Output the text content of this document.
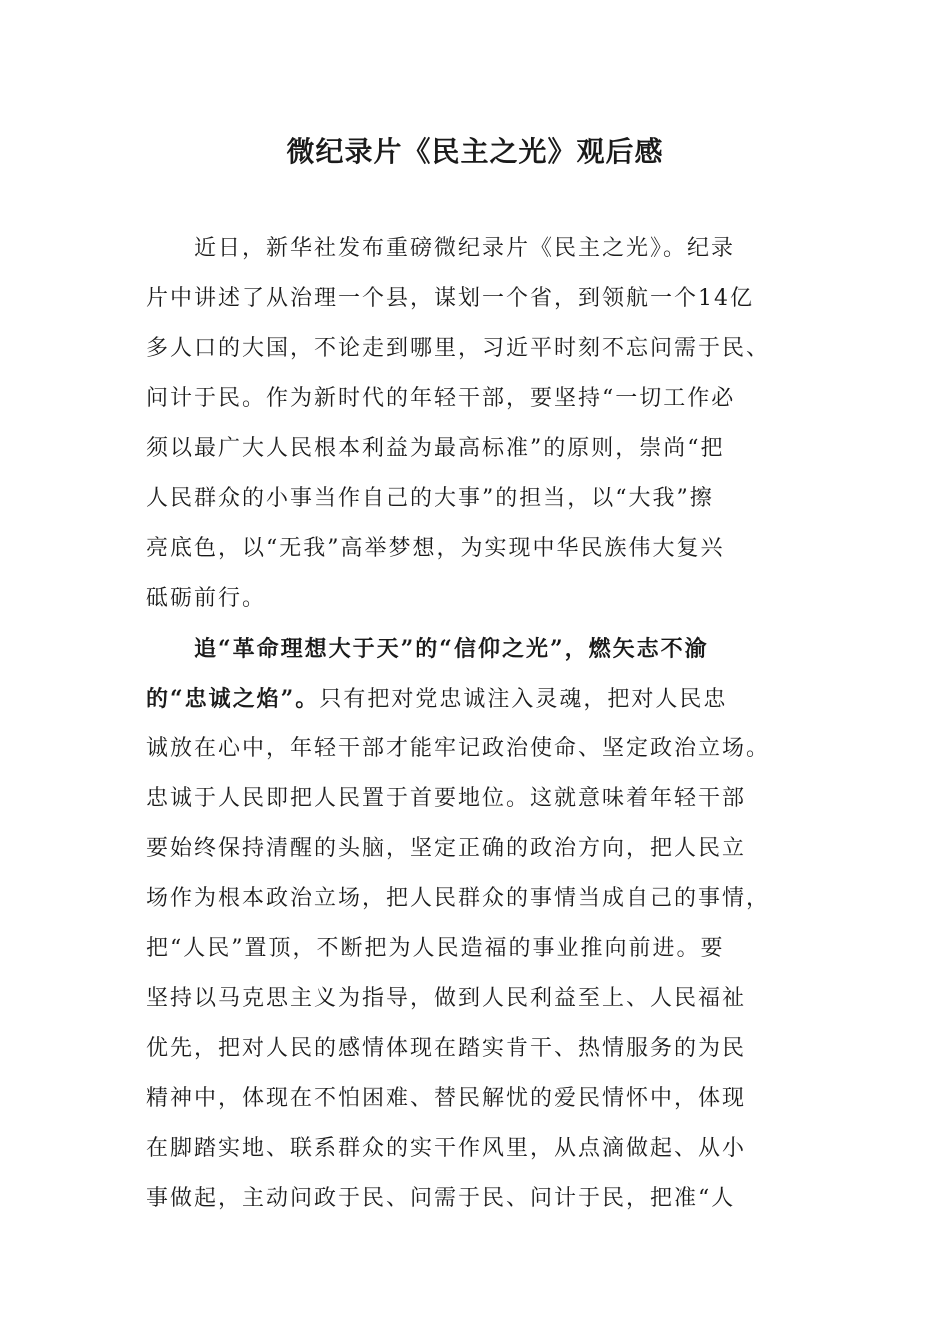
微纪录片《民主之光》观后感
近日，新华社发布重磅微纪录片《民主之光》。纪录
片中讲述了从治理一个县，谋划一个省，到领航一个14亿
多人口的大国，不论走到哪里，习近平时刻不忘问需于民、
问计于民。作为新时代的年轻干部，要坚持“一切工作必
须以最广大人民根本利益为最高标准”的原则，崇尚“把
人民群众的小事当作自己的大事”的担当，以“大我”擦
亮底色，以“无我”高举梦想，为实现中华民族伟大复兴
砥砺前行。
追“革命理想大于天”的“信仰之光”，燃矢志不渝
的“忠诚之焰”。只有把对党忠诚注入灵魂，把对人民忠
诚放在心中，年轻干部才能牢记政治使命、坚定政治立场。
忠诚于人民即把人民置于首要地位。这就意味着年轻干部
要始终保持清醒的头脑，坚定正确的政治方向，把人民立
场作为根本政治立场，把人民群众的事情当成自己的事情，
把“人民”置顶，不断把为人民造福的事业推向前进。要
坚持以马克思主义为指导，做到人民利益至上、人民福祉
优先，把对人民的感情体现在踏实肯干、热情服务的为民
精神中，体现在不怕困难、替民解忧的爱民情怀中，体现
在脚踏实地、联系群众的实干作风里，从点滴做起、从小
事做起，主动问政于民、问需于民、问计于民，把准“人
